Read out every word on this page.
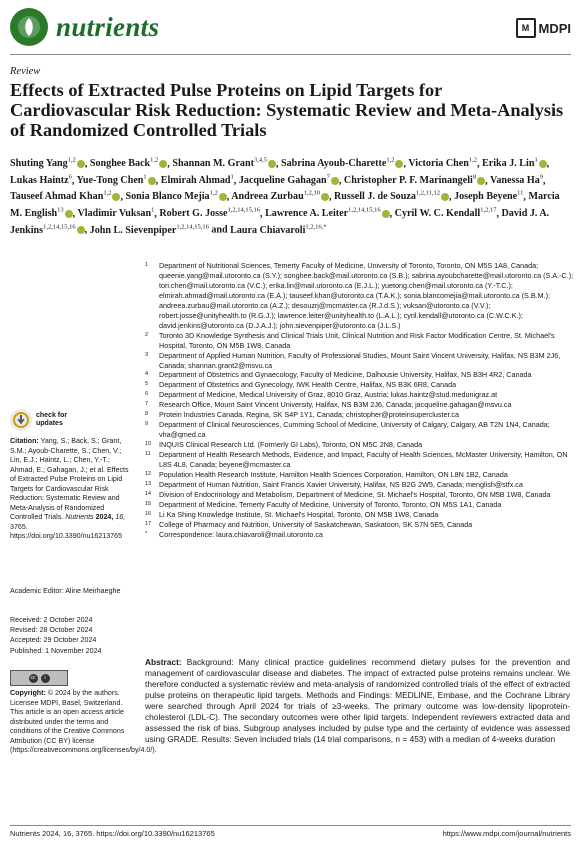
nutrients	M MDPI
Review
Effects of Extracted Pulse Proteins on Lipid Targets for Cardiovascular Risk Reduction: Systematic Review and Meta-Analysis of Randomized Controlled Trials
Shuting Yang$^{1,2}$ , Songhee Back$^{1,2}$ , Shannan M. Grant$^{3,4,5}$ , Sabrina Ayoub-Charette$^{1,2}$ , Victoria Chen$^{1,2}$, Erika J. Lin$^1$ , Lukas Haintz$^6$, Yue-Tong Chen$^1$ , Elmirah Ahmad$^1$, Jacqueline Gahagan$^7$ , Christopher P. F. Marinangeli$^8$ , Vanessa Ha$^9$, Tauseef Ahmad Khan$^{1,2}$ , Sonia Blanco Mejia$^{1,2}$ , Andreea Zurbau$^{1,2,10}$ , Russell J. de Souza$^{1,2,11,12}$ , Joseph Beyene$^{11}$, Marcia M. English$^{13}$ , Vladimir Vuksan$^1$, Robert G. Josse$^{1,2,14,15,16}$, Lawrence A. Leiter$^{1,2,14,15,16}$ , Cyril W. C. Kendall$^{1,2,17}$, David J. A. Jenkins$^{1,2,14,15,16}$ , John L. Sievenpiper$^{1,2,14,15,16}$ and Laura Chiavaroli$^{1,2,16,*}$
1	Department of Nutritional Sciences, Temerty Faculty of Medicine, University of Toronto, Toronto, ON M5S 1A8, Canada; queenie.yang@mail.utoronto.ca (S.Y.); songhee.back@mail.utoronto.ca (S.B.); sabrina.ayoubcharette@mail.utoronto.ca (S.A.-C.); tori.chen@mail.utoronto.ca (V.C.); erika.lin@mail.utoronto.ca (E.J.L.); yuetong.chen@mail.utoronto.ca (Y.-T.C.); elmirah.ahmad@mail.utoronto.ca (E.A.); tauseef.khan@utoronto.ca (T.A.K.); sonia.blancomejia@mail.utoronto.ca (S.B.M.); andreea.zurbau@mail.utoronto.ca (A.Z.); desouzrj@mcmaster.ca (R.J.d.S.); vuksan@utoronto.ca (V.V.); robert.josse@unityhealth.to (R.G.J.); lawrence.leiter@unityhealth.to (L.A.L.); cyril.kendall@utoronto.ca (C.W.C.K.); david.jenkins@utoronto.ca (D.J.A.J.); john.sievenpiper@utoronto.ca (J.L.S.)
2	Toronto 3D Knowledge Synthesis and Clinical Trials Unit, Clinical Nutrition and Risk Factor Modification Centre, St. Michael's Hospital, Toronto, ON M5B 1W8, Canada
3	Department of Applied Human Nutrition, Faculty of Professional Studies, Mount Saint Vincent University, Halifax, NS B3M 2J6, Canada; shannan.grant2@msvu.ca
4	Department of Obstetrics and Gynaecology, Faculty of Medicine, Dalhousie University, Halifax, NS B3H 4R2, Canada
5	Department of Obstetrics and Gynecology, IWK Health Centre, Halifax, NS B3K 6R8, Canada
6	Department of Medicine, Medical University of Graz, 8010 Graz, Austria; lukas.haintz@stud.medunigraz.at
7	Research Office, Mount Saint Vincent University, Halifax, NS B3M 2J6, Canada; jacqueline.gahagan@msvu.ca
8	Protein Industries Canada, Regina, SK S4P 1Y1, Canada; christopher@proteinsupercluster.ca
9	Department of Clinical Neurosciences, Cumming School of Medicine, University of Calgary, Calgary, AB T2N 1N4, Canada; vha@qmed.ca
10	INQUIS Clinical Research Ltd. (Formerly GI Labs), Toronto, ON M5C 2N8, Canada
11	Department of Health Research Methods, Evidence, and Impact, Faculty of Health Sciences, McMaster University, Hamilton, ON L8S 4L8, Canada; beyene@mcmaster.ca
12	Population Health Research Institute, Hamilton Health Sciences Corporation, Hamilton, ON L8N 1B2, Canada
13	Department of Human Nutrition, Saint Francis Xavier University, Halifax, NS B2G 2W5, Canada; menglish@stfx.ca
14	Division of Endocrinology and Metabolism, Department of Medicine, St. Michael's Hospital, Toronto, ON M5B 1W8, Canada
15	Department of Medicine, Temerty Faculty of Medicine, University of Toronto, Toronto, ON M5S 1A1, Canada
16	Li Ka Shing Knowledge Institute, St. Michael's Hospital, Toronto, ON M5B 1W8, Canada
17	College of Pharmacy and Nutrition, University of Saskatchewan, Saskatoon, SK S7N 5E5, Canada
*	Correspondence: laura.chiavaroli@mail.utoronto.ca
check for
updates
Citation: Yang, S.; Back, S.; Grant, S.M.; Ayoub-Charette, S.; Chen, V.; Lin, E.J.; Haintz, L.; Chen, Y.-T.; Ahmad, E.; Gahagan, J.; et al. Effects of Extracted Pulse Proteins on Lipid Targets for Cardiovascular Risk Reduction: Systematic Review and Meta-Analysis of Randomized Controlled Trials. Nutrients 2024, 16, 3765. https://doi.org/10.3390/nu16213765
Academic Editor: Aline Meirhaeghe
Received: 2 October 2024
Revised: 28 October 2024
Accepted: 29 October 2024
Published: 1 November 2024
cc	i
Copyright: © 2024 by the authors. Licensee MDPI, Basel, Switzerland. This article is an open access article distributed under the terms and conditions of the Creative Commons Attribution (CC BY) license (https://creativecommons.org/licenses/by/4.0/).
Abstract: Background: Many clinical practice guidelines recommend dietary pulses for the prevention and management of cardiovascular disease and diabetes. The impact of extracted pulse proteins remains unclear. We therefore conducted a systematic review and meta-analysis of randomized controlled trials of the effect of extracted pulse proteins on therapeutic lipid targets. Methods and Findings: MEDLINE, Embase, and the Cochrane Library were searched through April 2024 for trials of ≥3-weeks. The primary outcome was low-density lipoprotein-cholesterol (LDL-C). The secondary outcomes were other lipid targets. Independent reviewers extracted data and assessed the risk of bias. Subgroup analyses included by pulse type and the certainty of evidence was assessed using GRADE. Results: Seven included trials (14 trial comparisons, n = 453) with a median of 4-weeks duration
Nutrients 2024, 16, 3765. https://doi.org/10.3390/nu16213765	https://www.mdpi.com/journal/nutrients
